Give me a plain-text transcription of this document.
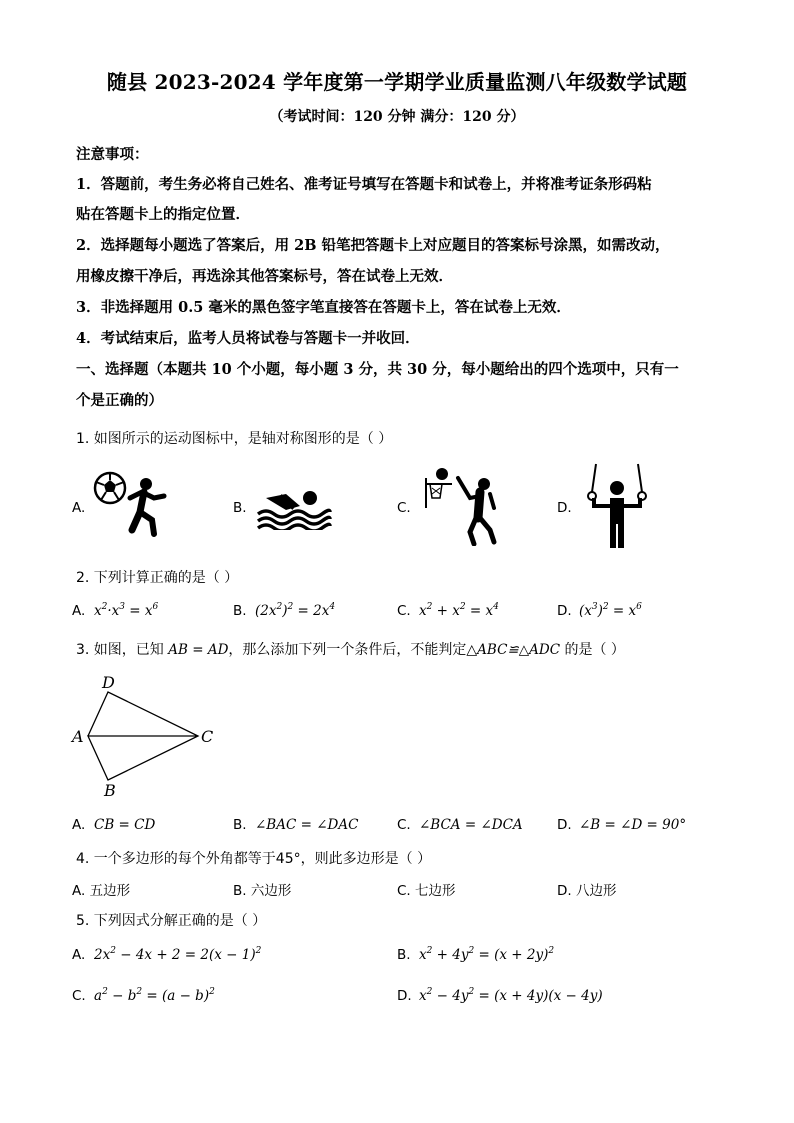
随县 2023-2024 学年度第一学期学业质量监测八年级数学试题
（考试时间：120 分钟 满分：120 分）
注意事项：
1．答题前，考生务必将自己姓名、准考证号填写在答题卡和试卷上，并将准考证条形码粘
贴在答题卡上的指定位置．
2．选择题每小题选了答案后，用 2B 铅笔把答题卡上对应题目的答案标号涂黑，如需改动，
用橡皮擦干净后，再选涂其他答案标号，答在试卷上无效．
3．非选择题用 0.5 毫米的黑色签字笔直接答在答题卡上，答在试卷上无效．
4．考试结束后，监考人员将试卷与答题卡一并收回．
一、选择题（本题共 10 个小题，每小题 3 分，共 30 分，每小题给出的四个选项中，只有一
个是正确的）
1. 如图所示的运动图标中，是轴对称图形的是（ ）
A.	B.	C.	D.
2. 下列计算正确的是（ ）
A. $x^2\cdot x^3 = x^6$	B. $(2x^2)^2 = 2x^4$	C. $x^2 + x^2 = x^4$	D. $(x^3)^2 = x^6$
3. 如图，已知 AB = AD，那么添加下列一个条件后，不能判定△ABC≌△ADC 的是（ ）
D
A	C
B
A. CB = CD	B. ∠BAC = ∠DAC	C. ∠BCA = ∠DCA	D. ∠B = ∠D = 90°
4. 一个多边形的每个外角都等于45°，则此多边形是（ ）
A. 五边形	B. 六边形	C. 七边形	D. 八边形
5. 下列因式分解正确的是（ ）
A. $2x^2 - 4x + 2 = 2(x - 1)^2$	B. $x^2 + 4y^2 = (x + 2y)^2$
C. $a^2 - b^2 = (a - b)^2$	D. $x^2 - 4y^2 = (x + 4y)(x - 4y)$
